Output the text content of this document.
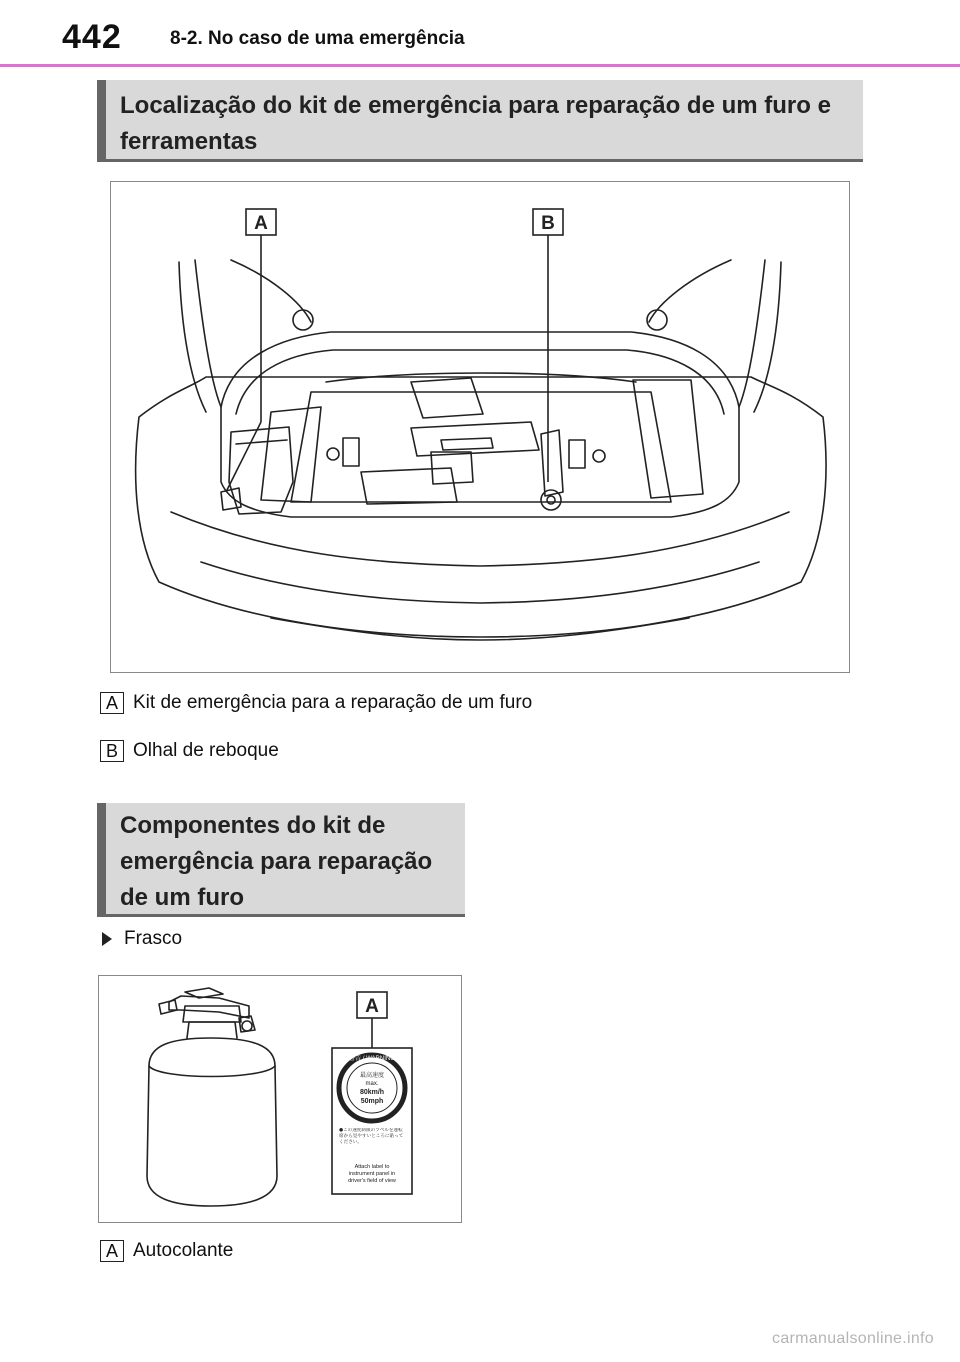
442	8-2. No caso de uma emergência
Localização do kit de emergência para reparação de um furo e
ferramentas
A	B
A Kit de emergência para a reparação de um furo
B Olhal de reboque
Componentes do kit de
emergência para reparação
de um furo
Frasco
警告 / WARNING
最高速度
max.
80km/h
50mph
●この速度制限のラベルを運転席から見やすいところに貼ってください。
Attach label to
instrument panel in
driver's field of view
A
A Autocolante
carmanualsonline.info
